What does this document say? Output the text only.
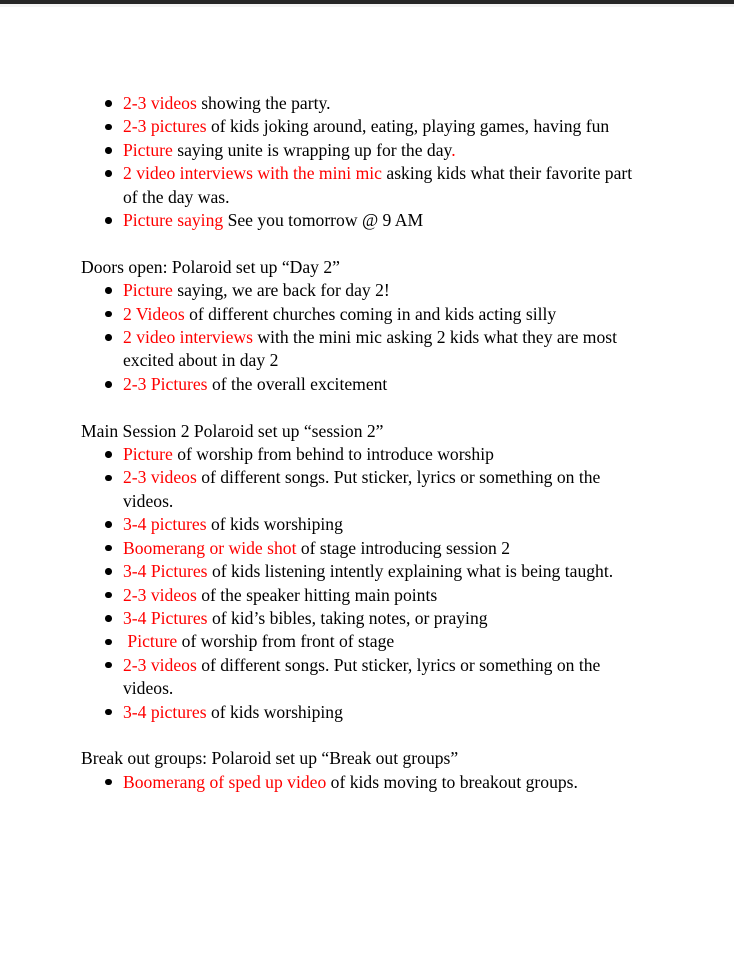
2-3 videos showing the party.
2-3 pictures of kids joking around, eating, playing games, having fun
Picture saying unite is wrapping up for the day.
2 video interviews with the mini mic asking kids what their favorite part of the day was.
Picture saying See you tomorrow @ 9 AM
Doors open: Polaroid set up “Day 2”
Picture saying, we are back for day 2!
2 Videos of different churches coming in and kids acting silly
2 video interviews with the mini mic asking 2 kids what they are most excited about in day 2
2-3 Pictures of the overall excitement
Main Session 2 Polaroid set up “session 2”
Picture of worship from behind to introduce worship
2-3 videos of different songs. Put sticker, lyrics or something on the videos.
3-4 pictures of kids worshiping
Boomerang or wide shot of stage introducing session 2
3-4 Pictures of kids listening intently explaining what is being taught.
2-3 videos of the speaker hitting main points
3-4 Pictures of kid’s bibles, taking notes, or praying
Picture of worship from front of stage
2-3 videos of different songs. Put sticker, lyrics or something on the videos.
3-4 pictures of kids worshiping
Break out groups: Polaroid set up “Break out groups”
Boomerang of sped up video of kids moving to breakout groups.
